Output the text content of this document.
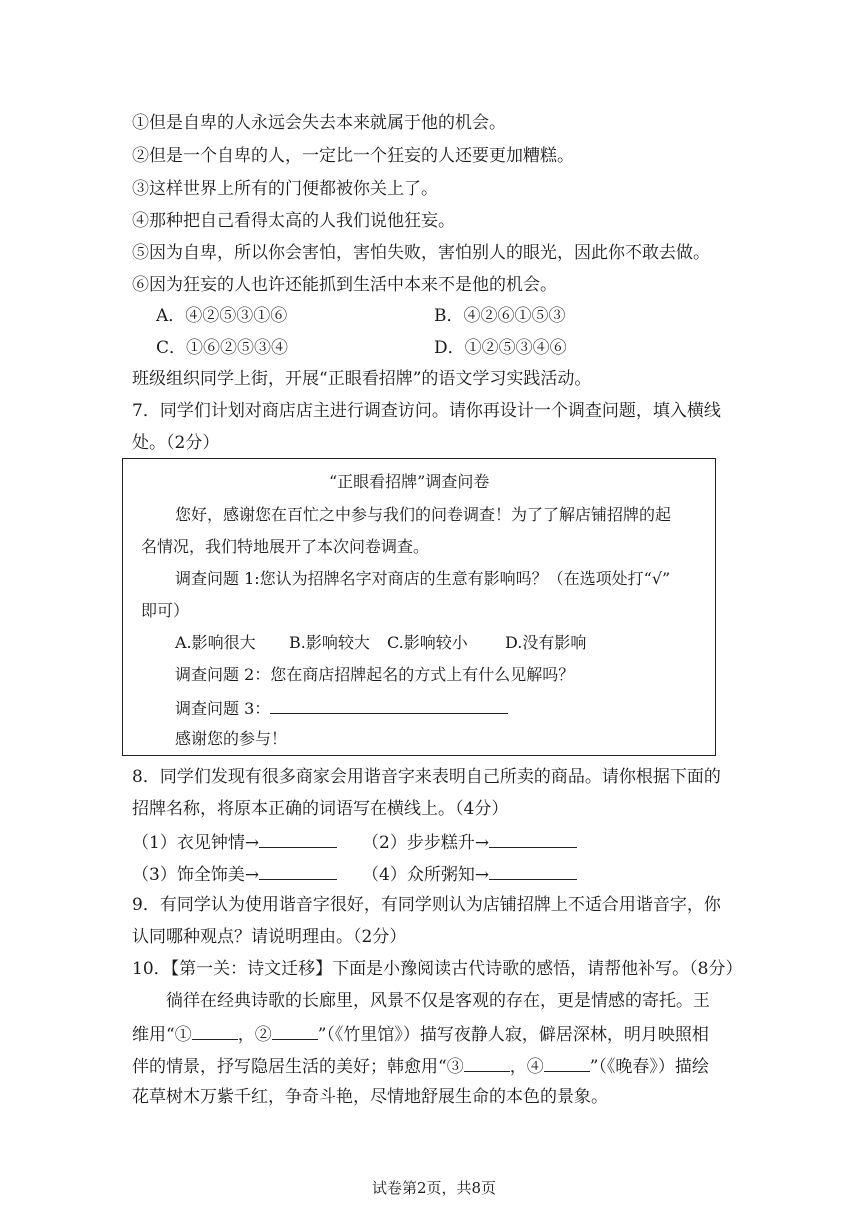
①但是自卑的人永远会失去本来就属于他的机会。
②但是一个自卑的人，一定比一个狂妄的人还要更加糟糕。
③这样世界上所有的门便都被你关上了。
④那种把自己看得太高的人我们说他狂妄。
⑤因为自卑，所以你会害怕，害怕失败，害怕别人的眼光，因此你不敢去做。
⑥因为狂妄的人也许还能抓到生活中本来不是他的机会。
A．④②⑤③①⑥	B．④②⑥①⑤③
C．①⑥②⑤③④	D．①②⑤③④⑥
班级组织同学上街，开展“正眼看招牌”的语文学习实践活动。
7．同学们计划对商店店主进行调查访问。请你再设计一个调查问题，填入横线
处。（2分）
“正眼看招牌”调查问卷
您好，感谢您在百忙之中参与我们的问卷调查！为了了解店铺招牌的起
名情况，我们特地展开了本次问卷调查。
调查问题 1:您认为招牌名字对商店的生意有影响吗？（在选项处打“√”
即可）
A.影响很大 B.影响较大 C.影响较小 D.没有影响
调查问题 2：您在商店招牌起名的方式上有什么见解吗？
调查问题 3：
感谢您的参与！
8．同学们发现有很多商家会用谐音字来表明自己所卖的商品。请你根据下面的
招牌名称，将原本正确的词语写在横线上。（4分）
（1）衣见钟情→	（2）步步糕升→
（3）饰全饰美→	（4）众所粥知→
9．有同学认为使用谐音字很好，有同学则认为店铺招牌上不适合用谐音字，你
认同哪种观点？请说明理由。（2分）
10．【第一关：诗文迁移】下面是小豫阅读古代诗歌的感悟，请帮他补写。（8分）
徜徉在经典诗歌的长廊里，风景不仅是客观的存在，更是情感的寄托。王
维用“①	，②	”（《竹里馆》）描写夜静人寂，僻居深林，明月映照相
伴的情景，抒写隐居生活的美好；韩愈用“③	，④	”（《晚春》）描绘
花草树木万紫千红，争奇斗艳，尽情地舒展生命的本色的景象。
试卷第2页，共8页
